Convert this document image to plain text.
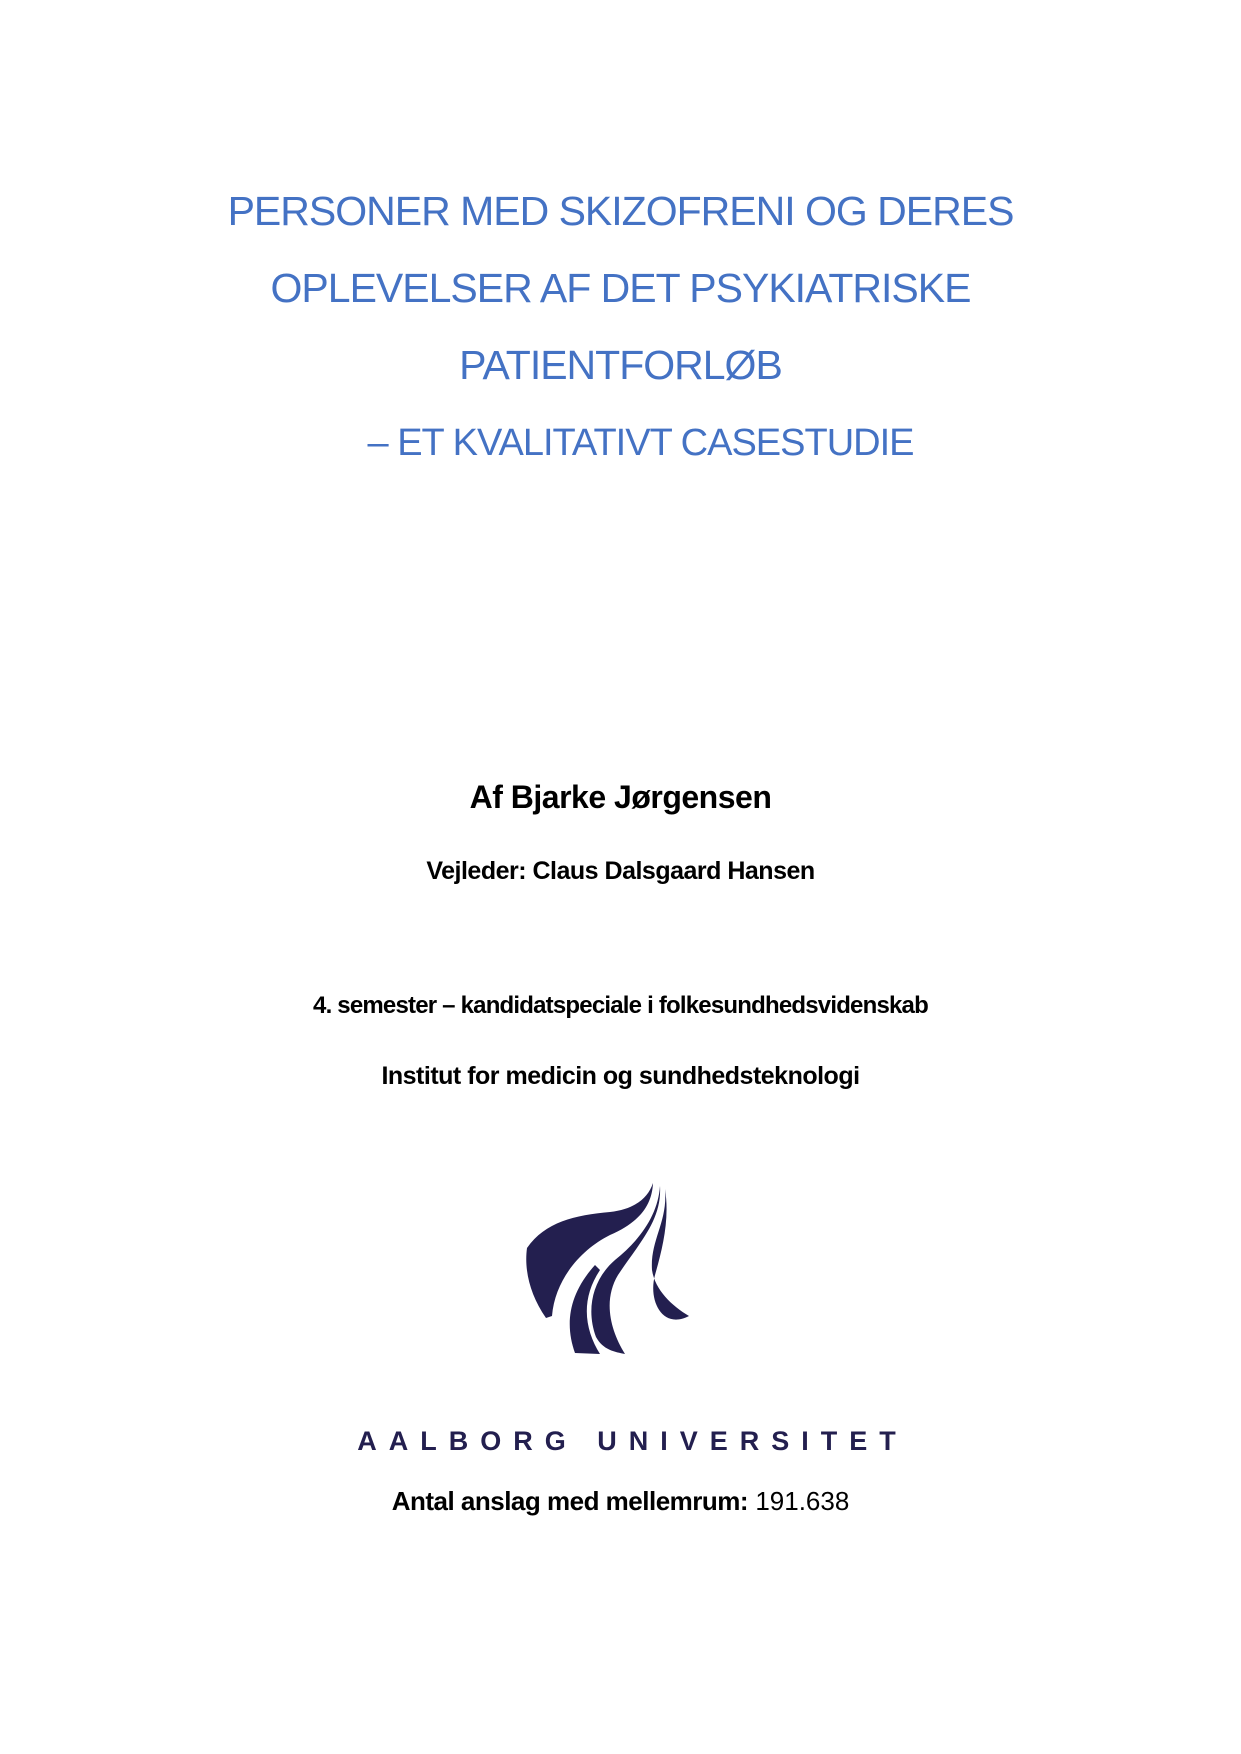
PERSONER MED SKIZOFRENI OG DERES
OPLEVELSER AF DET PSYKIATRISKE
PATIENTFORLØB
– ET KVALITATIVT CASESTUDIE
Af Bjarke Jørgensen
Vejleder: Claus Dalsgaard Hansen
4. semester – kandidatspeciale i folkesundhedsvidenskab
Institut for medicin og sundhedsteknologi
AALBORG UNIVERSITET
Antal anslag med mellemrum: 191.638
